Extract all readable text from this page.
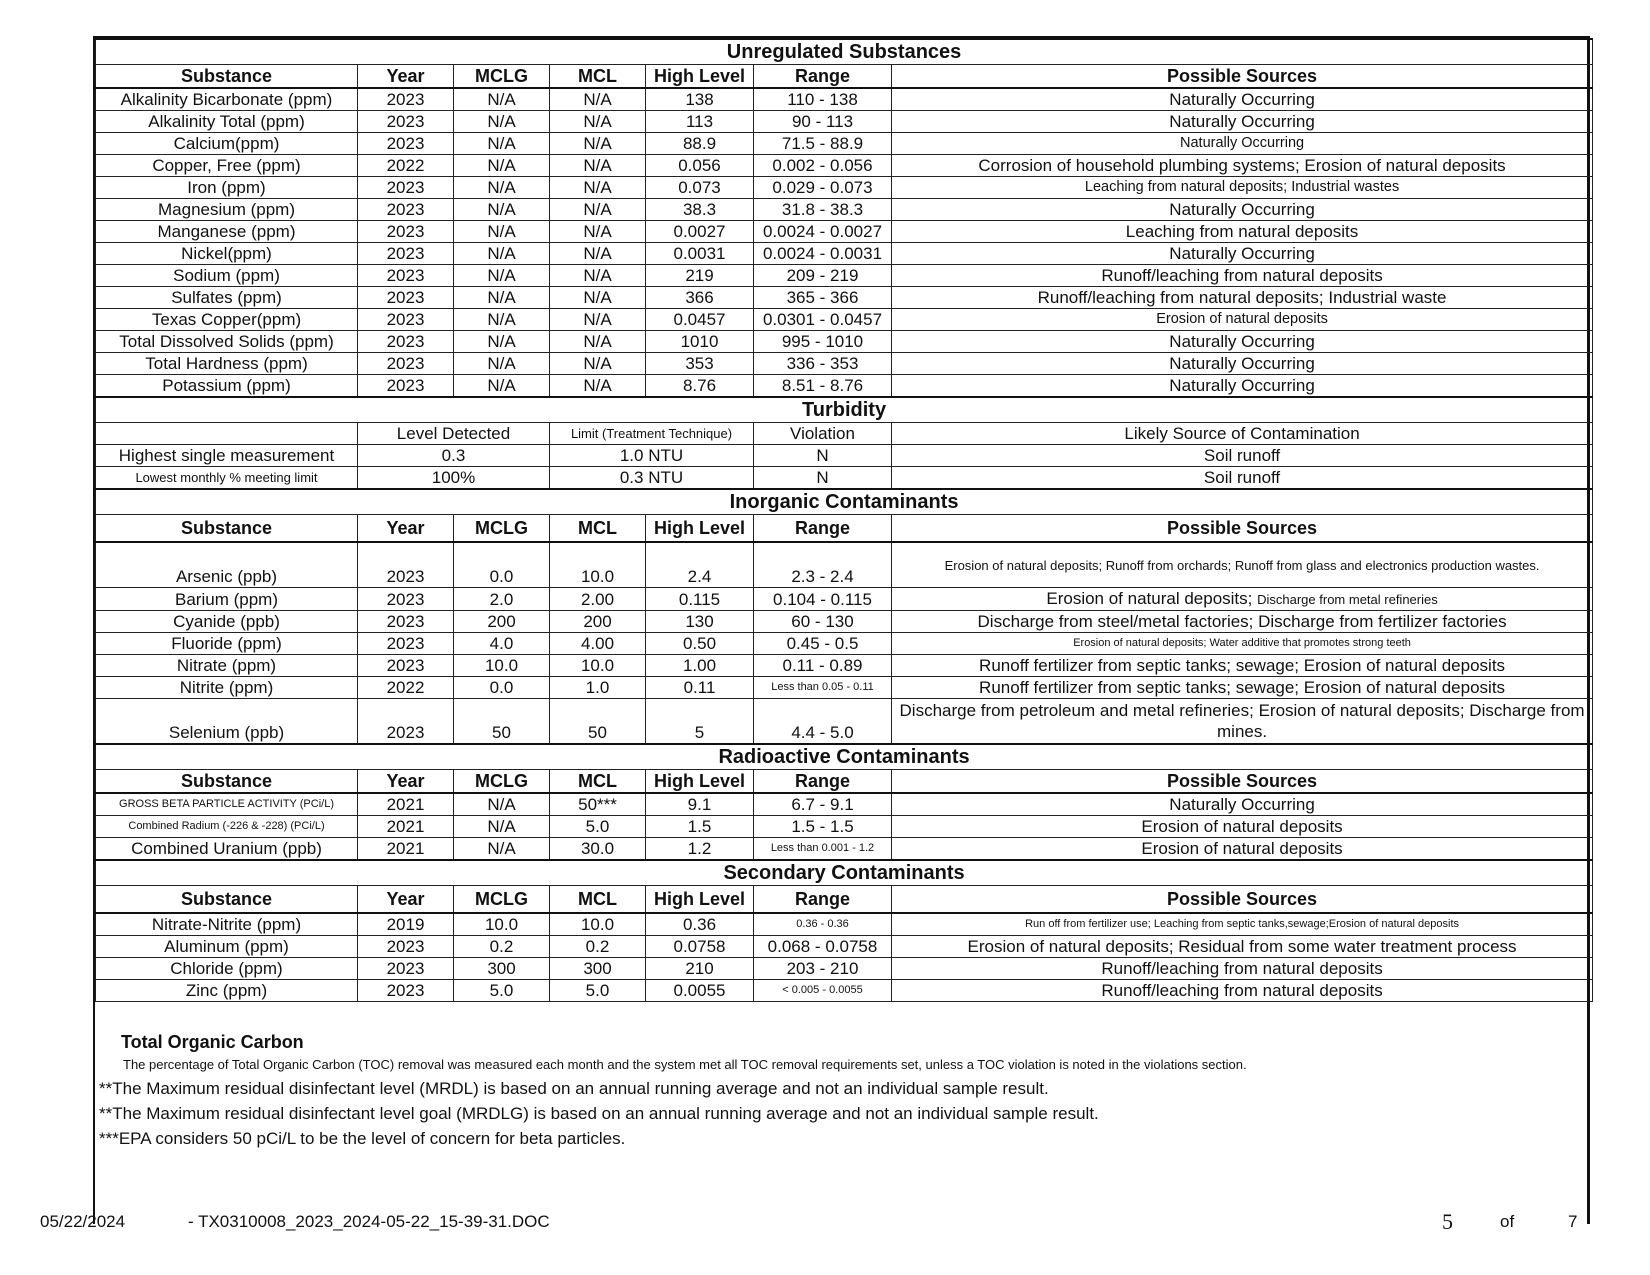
Unregulated Substances						
Substance	Year	MCLG	MCL	High Level	Range	Possible Sources
Alkalinity Bicarbonate (ppm)	2023	N/A	N/A	138	110 - 138	Naturally Occurring
Alkalinity Total (ppm)	2023	N/A	N/A	113	90 - 113	Naturally Occurring
Calcium(ppm)	2023	N/A	N/A	88.9	71.5 - 88.9	Naturally Occurring
Copper, Free (ppm)	2022	N/A	N/A	0.056	0.002 - 0.056	Corrosion of household plumbing systems; Erosion of natural deposits
Iron (ppm)	2023	N/A	N/A	0.073	0.029 - 0.073	Leaching from natural deposits; Industrial wastes
Magnesium (ppm)	2023	N/A	N/A	38.3	31.8 - 38.3	Naturally Occurring
Manganese (ppm)	2023	N/A	N/A	0.0027	0.0024 - 0.0027	Leaching from natural deposits
Nickel(ppm)	2023	N/A	N/A	0.0031	0.0024 - 0.0031	Naturally Occurring
Sodium (ppm)	2023	N/A	N/A	219	209 - 219	Runoff/leaching from natural deposits
Sulfates (ppm)	2023	N/A	N/A	366	365 - 366	Runoff/leaching from natural deposits; Industrial waste
Texas Copper(ppm)	2023	N/A	N/A	0.0457	0.0301 - 0.0457	Erosion of natural deposits
Total Dissolved Solids (ppm)	2023	N/A	N/A	1010	995 - 1010	Naturally Occurring
Total Hardness (ppm)	2023	N/A	N/A	353	336 - 353	Naturally Occurring
Potassium (ppm)	2023	N/A	N/A	8.76	8.51 - 8.76	Naturally Occurring
Turbidity						
	Level Detected		Limit (Treatment Technique)		Violation	Likely Source of Contamination
Highest single measurement	0.3		1.0 NTU		N	Soil runoff
Lowest monthly % meeting limit	100%		0.3 NTU		N	Soil runoff
Inorganic Contaminants						
Substance	Year	MCLG	MCL	High Level	Range	Possible Sources
Arsenic (ppb)	2023	0.0	10.0	2.4	2.3 - 2.4	Erosion of natural deposits; Runoff from orchards; Runoff from glass and electronics production wastes.
Barium (ppm)	2023	2.0	2.00	0.115	0.104 - 0.115	Erosion of natural deposits; Discharge from metal refineries
Cyanide (ppb)	2023	200	200	130	60 - 130	Discharge from steel/metal factories; Discharge from fertilizer factories
Fluoride (ppm)	2023	4.0	4.00	0.50	0.45 - 0.5	Erosion of natural deposits; Water additive that promotes strong teeth
Nitrate (ppm)	2023	10.0	10.0	1.00	0.11 - 0.89	Runoff fertilizer from septic tanks; sewage; Erosion of natural deposits
Nitrite (ppm)	2022	0.0	1.0	0.11	Less than 0.05 - 0.11	Runoff fertilizer from septic tanks; sewage; Erosion of natural deposits
Selenium (ppb)	2023	50	50	5	4.4 - 5.0	Discharge from petroleum and metal refineries; Erosion of natural deposits; Discharge from mines.
Radioactive Contaminants						
Substance	Year	MCLG	MCL	High Level	Range	Possible Sources
GROSS BETA PARTICLE ACTIVITY (PCi/L)	2021	N/A	50***	9.1	6.7 - 9.1	Naturally Occurring
Combined Radium (-226 & -228) (PCi/L)	2021	N/A	5.0	1.5	1.5 - 1.5	Erosion of natural deposits
Combined Uranium (ppb)	2021	N/A	30.0	1.2	Less than 0.001 - 1.2	Erosion of natural deposits
Secondary Contaminants						
Substance	Year	MCLG	MCL	High Level	Range	Possible Sources
Nitrate-Nitrite (ppm)	2019	10.0	10.0	0.36	0.36 - 0.36	Run off from fertilizer use; Leaching from septic tanks,sewage;Erosion of natural deposits
Aluminum (ppm)	2023	0.2	0.2	0.0758	0.068 - 0.0758	Erosion of natural deposits; Residual from some water treatment process
Chloride (ppm)	2023	300	300	210	203 - 210	Runoff/leaching from natural deposits
Zinc (ppm)	2023	5.0	5.0	0.0055	< 0.005 - 0.0055	Runoff/leaching from natural deposits
Total Organic Carbon
The percentage of Total Organic Carbon (TOC) removal was measured each month and the system met all TOC removal requirements set, unless a TOC violation is noted in the violations section.
**The Maximum residual disinfectant level (MRDL) is based on an annual running average and not an individual sample result.
**The Maximum residual disinfectant level goal (MRDLG) is based on an annual running average and not an individual sample result.
***EPA considers 50 pCi/L to be the level of concern for beta particles.
05/22/2024	- TX0310008_2023_2024-05-22_15-39-31.DOC	5	of	7
